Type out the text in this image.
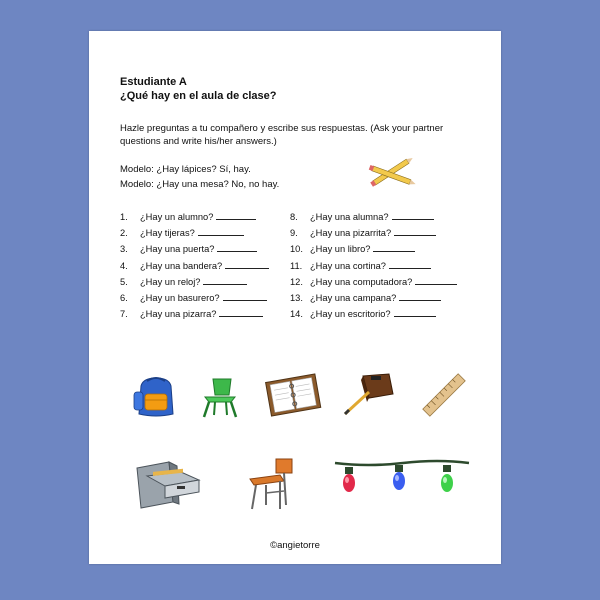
Estudiante A
¿Qué hay en el aula de clase?
Hazle preguntas a tu compañero y escribe sus respuestas. (Ask your partner questions and write his/her answers.)
Modelo: ¿Hay lápices? Sí, hay.
Modelo: ¿Hay una mesa? No, no hay.
1. ¿Hay un alumno?
2. ¿Hay tijeras?
3. ¿Hay una puerta?
4. ¿Hay una bandera?
5. ¿Hay un reloj?
6. ¿Hay un basurero?
7. ¿Hay una pizarra?
8. ¿Hay una alumna?
9. ¿Hay una pizarrita?
10. ¿Hay un libro?
11. ¿Hay una cortina?
12. ¿Hay una computadora?
13. ¿Hay una campana?
14. ¿Hay un escritorio?
©angietorre
